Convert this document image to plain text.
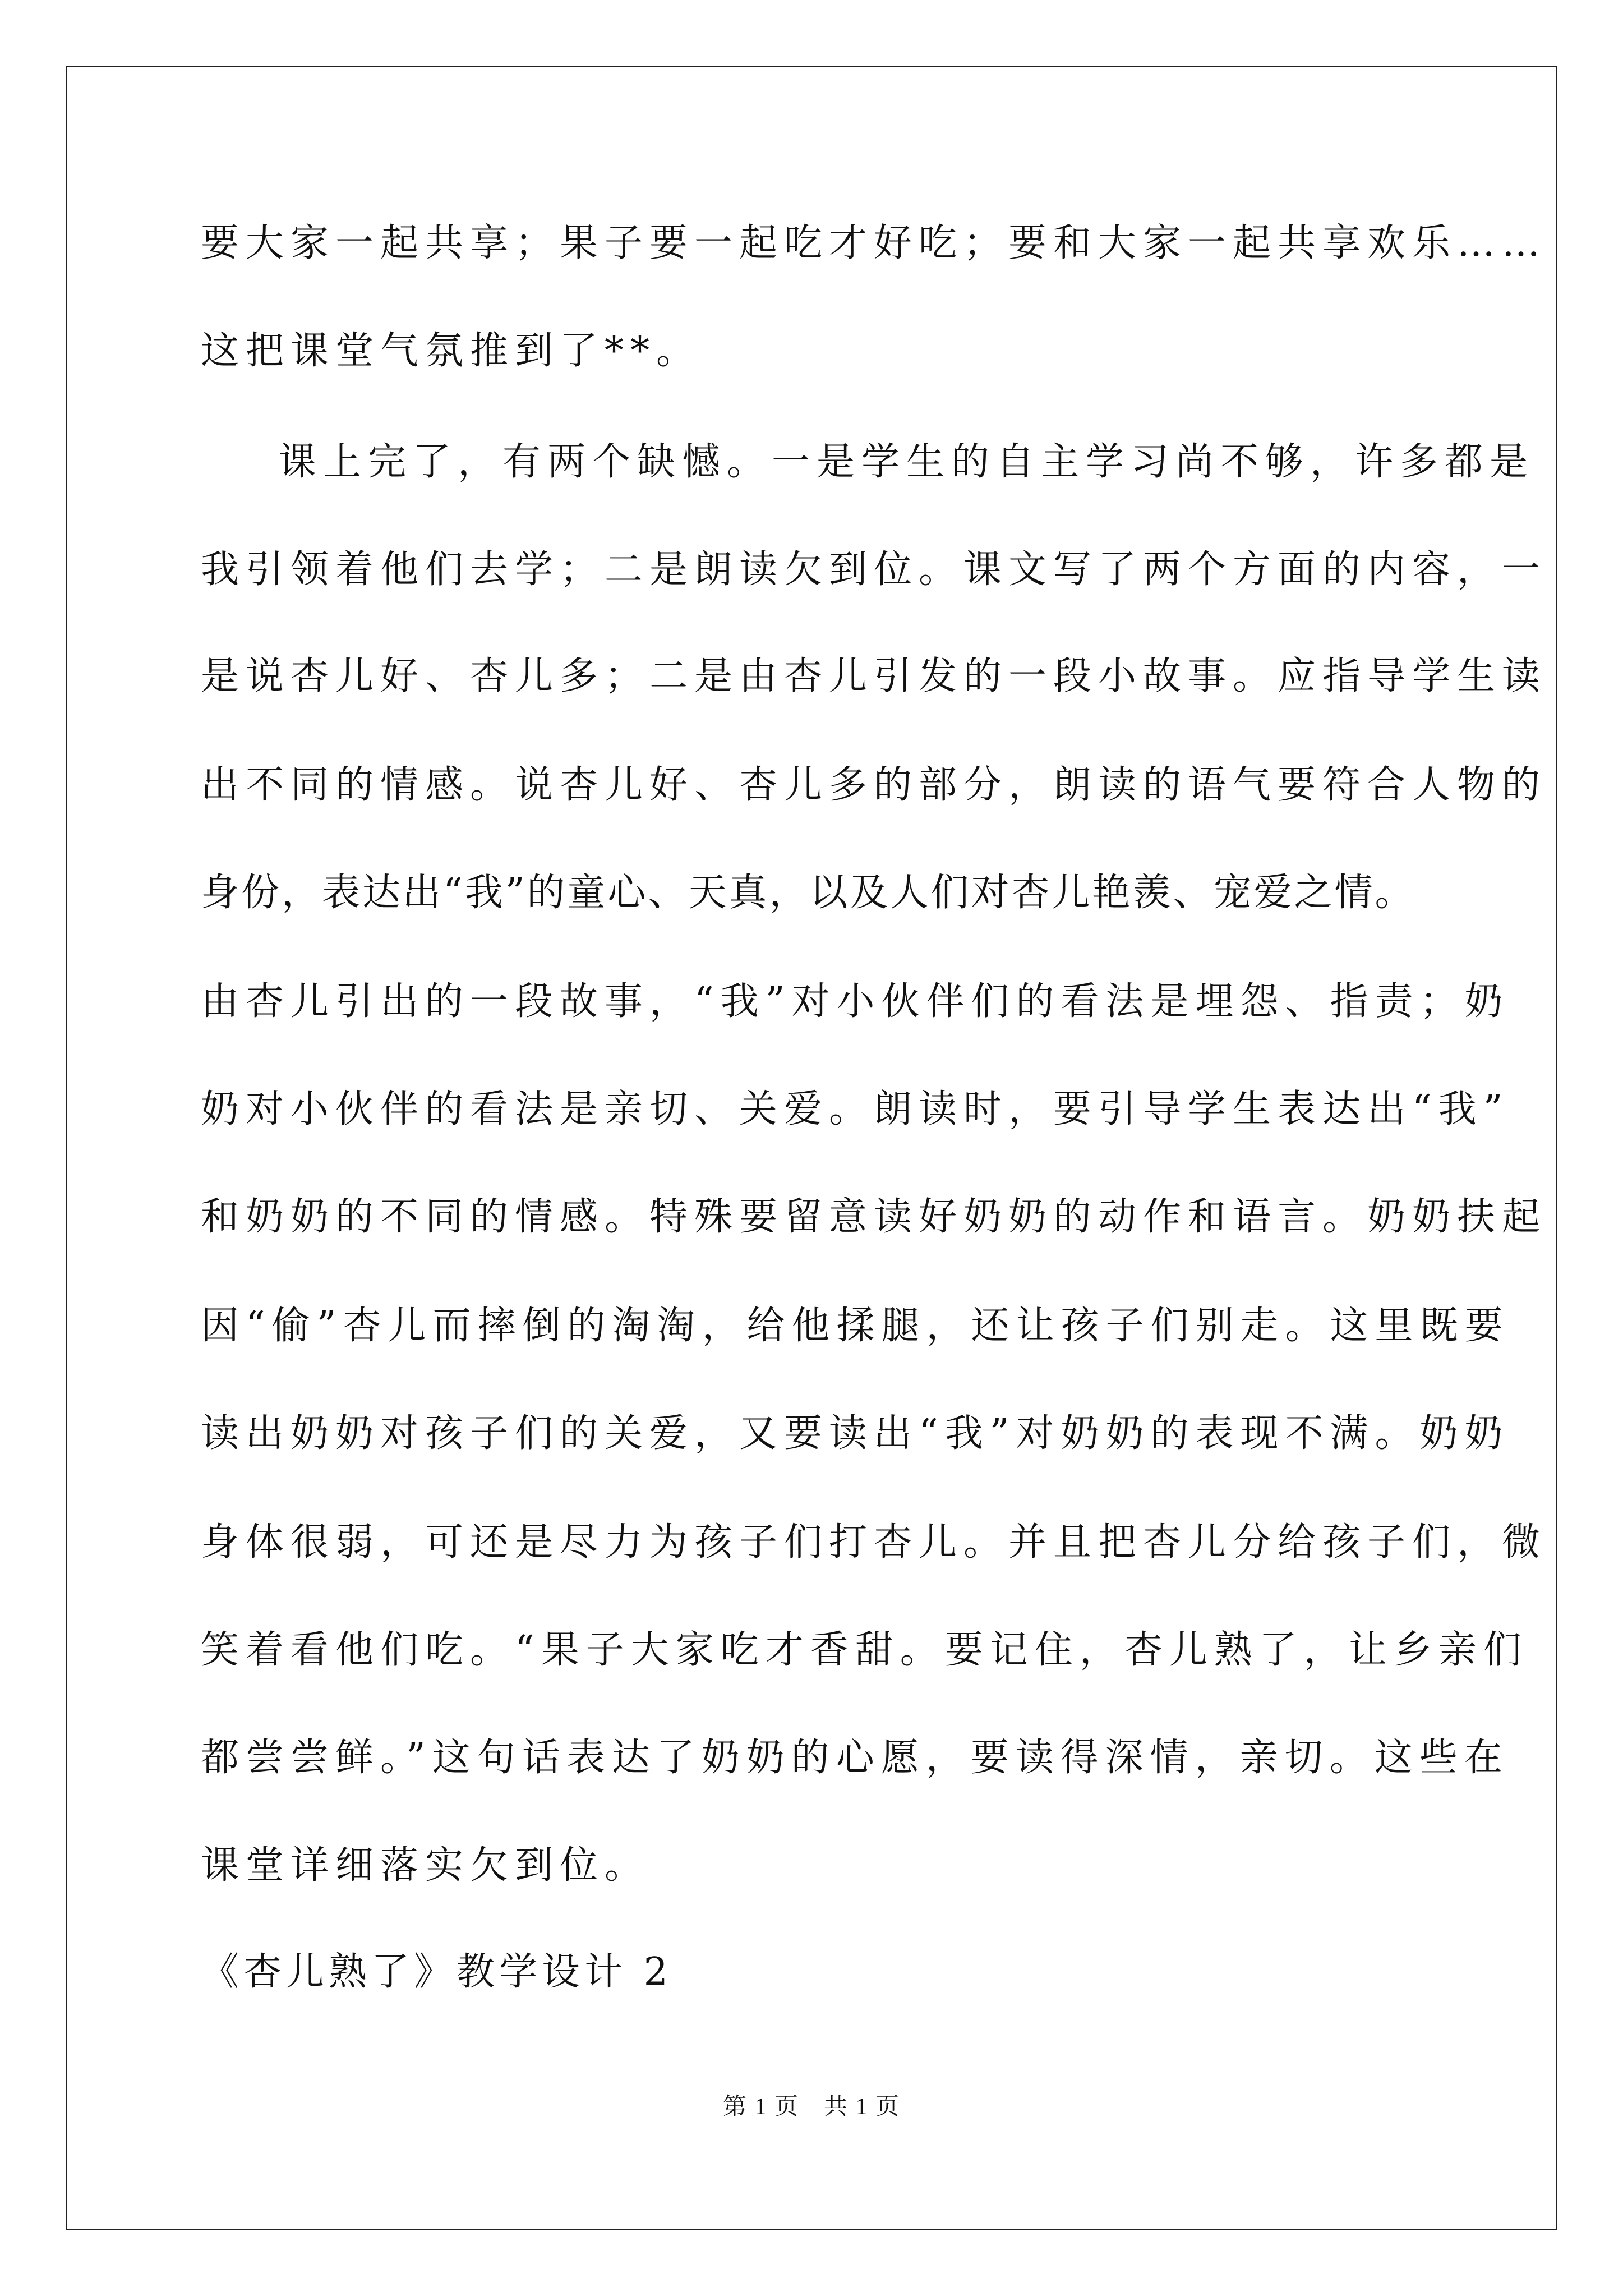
要大家一起共享；果子要一起吃才好吃；要和大家一起共享欢乐……
这把课堂气氛推到了**。
课上完了，有两个缺憾。一是学生的自主学习尚不够，许多都是
我引领着他们去学；二是朗读欠到位。课文写了两个方面的内容，一
是说杏儿好、杏儿多；二是由杏儿引发的一段小故事。应指导学生读
出不同的情感。说杏儿好、杏儿多的部分，朗读的语气要符合人物的
身份，表达出“我”的童心、天真，以及人们对杏儿艳羡、宠爱之情。
由杏儿引出的一段故事，“我”对小伙伴们的看法是埋怨、指责；奶
奶对小伙伴的看法是亲切、关爱。朗读时，要引导学生表达出“我”
和奶奶的不同的情感。特殊要留意读好奶奶的动作和语言。奶奶扶起
因“偷”杏儿而摔倒的淘淘，给他揉腿，还让孩子们别走。这里既要
读出奶奶对孩子们的关爱，又要读出“我”对奶奶的表现不满。奶奶
身体很弱，可还是尽力为孩子们打杏儿。并且把杏儿分给孩子们，微
笑着看他们吃。“果子大家吃才香甜。要记住，杏儿熟了，让乡亲们
都尝尝鲜。”这句话表达了奶奶的心愿，要读得深情，亲切。这些在
课堂详细落实欠到位。
《杏儿熟了》教学设计 2
第 1 页　共 1 页
